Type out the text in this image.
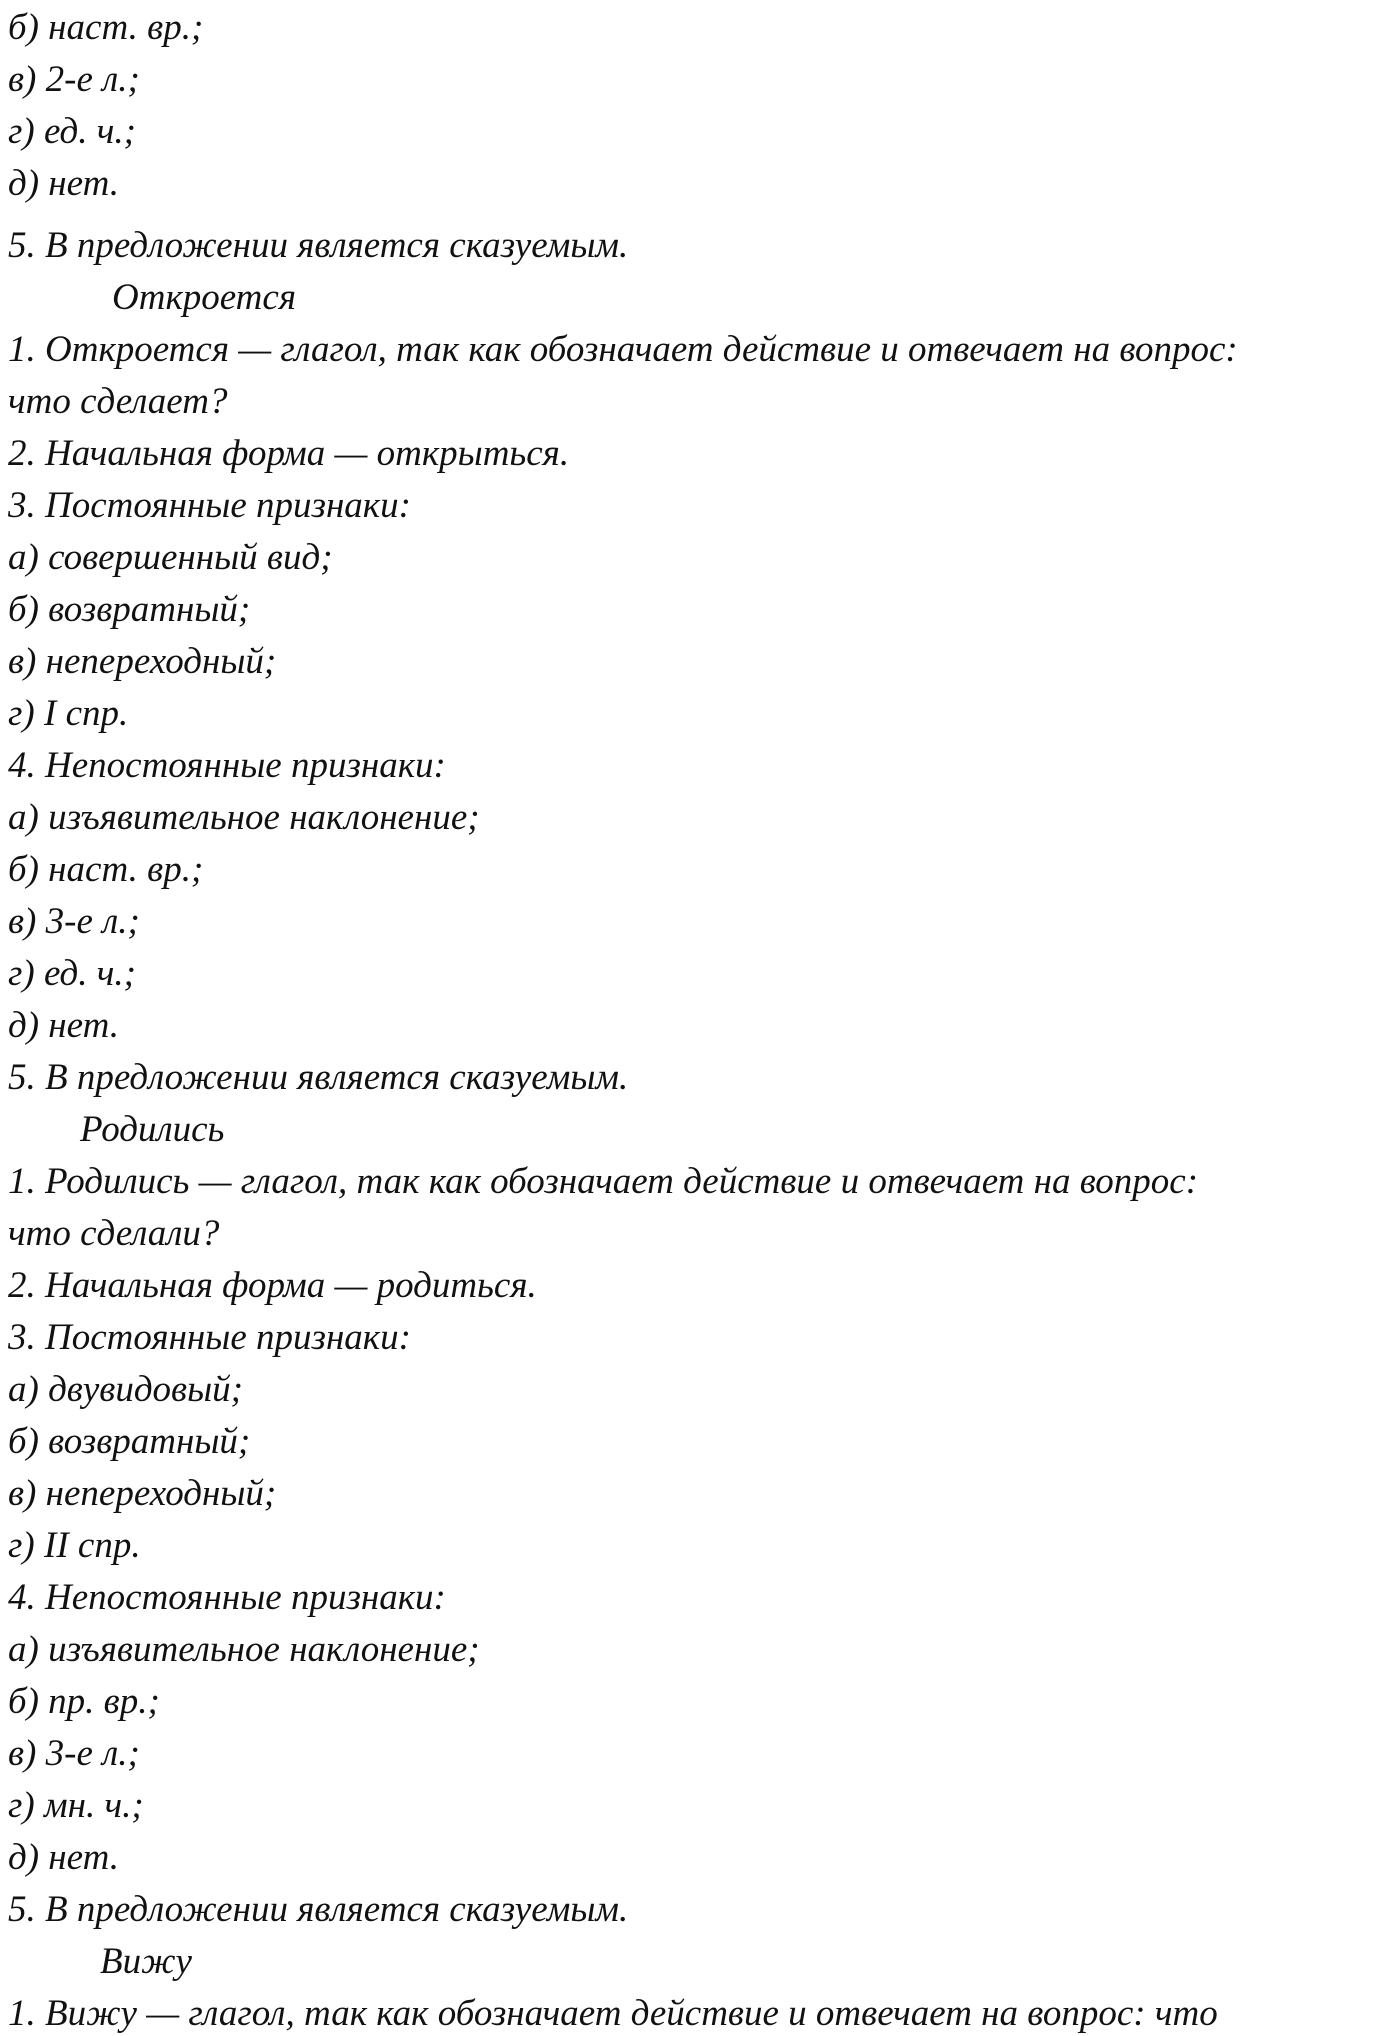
б) наст. вр.;

в) 2-е л.;

г) ед. ч.;

д) нет.

5. В предложении является сказуемым.

Откроется

1. Откроется — глагол, так как обозначает действие и отвечает на вопрос:

что сделает?

2. Начальная форма — открыться.

3. Постоянные признаки:

а) совершенный вид;

б) возвратный;

в) непереходный;

г) I спр.

4. Непостоянные признаки:

а) изъявительное наклонение;

б) наст. вр.;

в) 3-е л.;

г) ед. ч.;

д) нет.

5. В предложении является сказуемым.

Родились

1. Родились — глагол, так как обозначает действие и отвечает на вопрос:

что сделали?

2. Начальная форма — родиться.

3. Постоянные признаки:

а) двувидовый;

б) возвратный;

в) непереходный;

г) II спр.

4. Непостоянные признаки:

а) изъявительное наклонение;

б) пр. вр.;

в) 3-е л.;

г) мн. ч.;

д) нет.

5. В предложении является сказуемым.

Вижу

1. Вижу — глагол, так как обозначает действие и отвечает на вопрос: что
